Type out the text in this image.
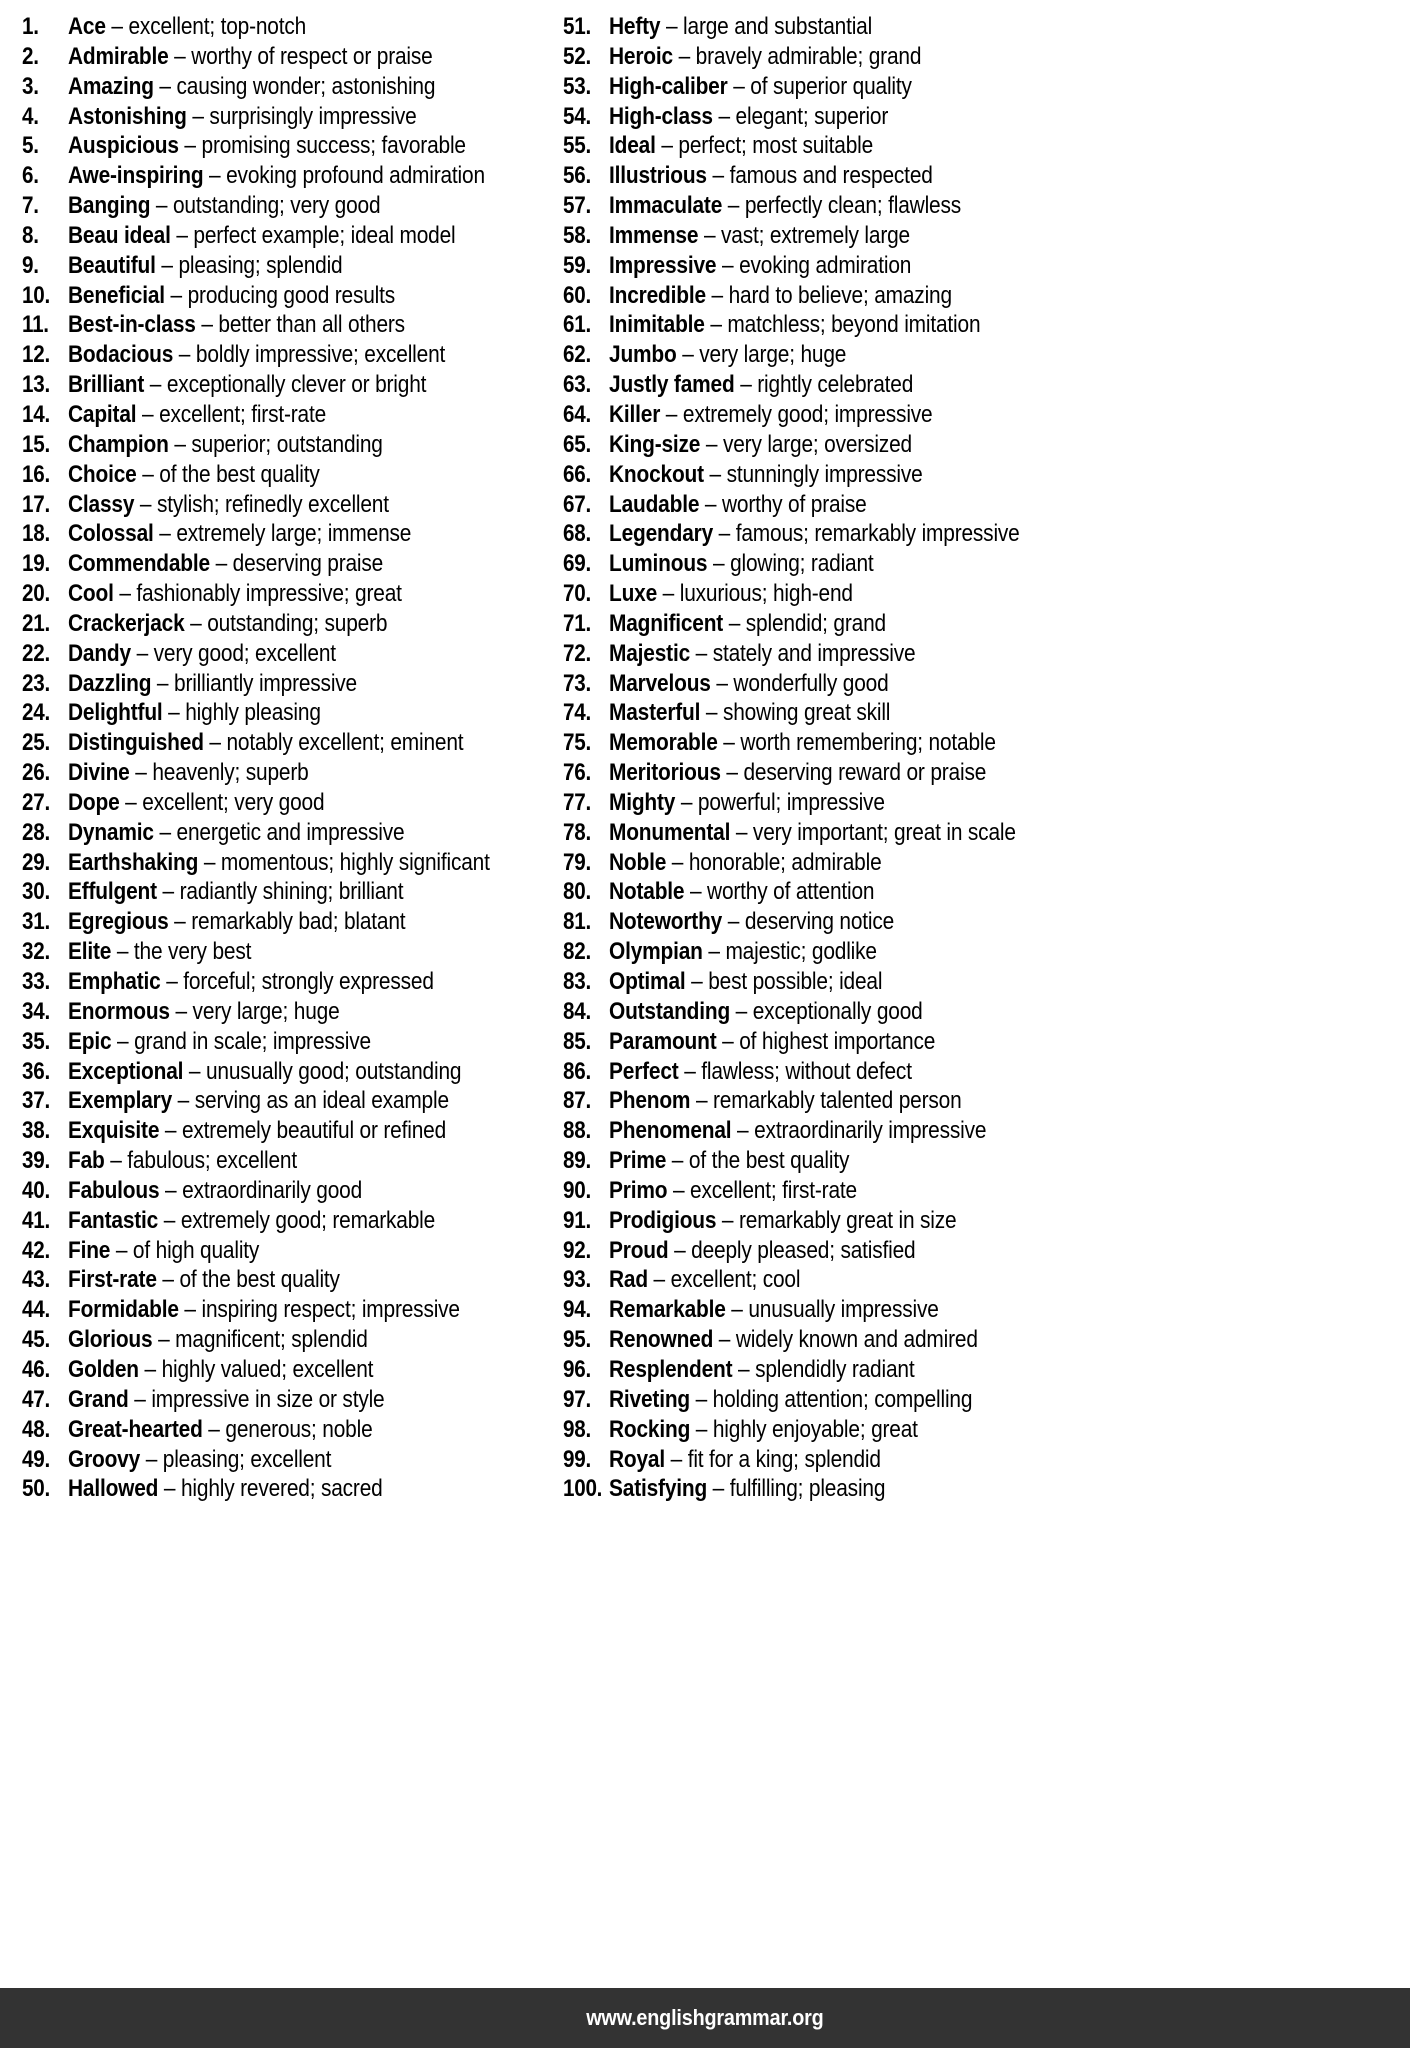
1.	Ace – excellent; top-notch
2.	Admirable – worthy of respect or praise
3.	Amazing – causing wonder; astonishing
4.	Astonishing – surprisingly impressive
5.	Auspicious – promising success; favorable
6.	Awe-inspiring – evoking profound admiration
7.	Banging – outstanding; very good
8.	Beau ideal – perfect example; ideal model
9.	Beautiful – pleasing; splendid
10. Beneficial – producing good results
11. Best-in-class – better than all others
12. Bodacious – boldly impressive; excellent
13. Brilliant – exceptionally clever or bright
14. Capital – excellent; first-rate
15. Champion – superior; outstanding
16. Choice – of the best quality
17. Classy – stylish; refinedly excellent
18. Colossal – extremely large; immense
19. Commendable – deserving praise
20. Cool – fashionably impressive; great
21. Crackerjack – outstanding; superb
22. Dandy – very good; excellent
23. Dazzling – brilliantly impressive
24. Delightful – highly pleasing
25. Distinguished – notably excellent; eminent
26. Divine – heavenly; superb
27. Dope – excellent; very good
28. Dynamic – energetic and impressive
29. Earthshaking – momentous; highly significant
30. Effulgent – radiantly shining; brilliant
31. Egregious – remarkably bad; blatant
32. Elite – the very best
33. Emphatic – forceful; strongly expressed
34. Enormous – very large; huge
35. Epic – grand in scale; impressive
36. Exceptional – unusually good; outstanding
37. Exemplary – serving as an ideal example
38. Exquisite – extremely beautiful or refined
39. Fab – fabulous; excellent
40. Fabulous – extraordinarily good
41. Fantastic – extremely good; remarkable
42. Fine – of high quality
43. First-rate – of the best quality
44. Formidable – inspiring respect; impressive
45. Glorious – magnificent; splendid
46. Golden – highly valued; excellent
47. Grand – impressive in size or style
48. Great-hearted – generous; noble
49. Groovy – pleasing; excellent
50. Hallowed – highly revered; sacred
51. Hefty – large and substantial
52. Heroic – bravely admirable; grand
53. High-caliber – of superior quality
54. High-class – elegant; superior
55. Ideal – perfect; most suitable
56. Illustrious – famous and respected
57. Immaculate – perfectly clean; flawless
58. Immense – vast; extremely large
59. Impressive – evoking admiration
60. Incredible – hard to believe; amazing
61. Inimitable – matchless; beyond imitation
62. Jumbo – very large; huge
63. Justly famed – rightly celebrated
64. Killer – extremely good; impressive
65. King-size – very large; oversized
66. Knockout – stunningly impressive
67. Laudable – worthy of praise
68. Legendary – famous; remarkably impressive
69. Luminous – glowing; radiant
70. Luxe – luxurious; high-end
71. Magnificent – splendid; grand
72. Majestic – stately and impressive
73. Marvelous – wonderfully good
74. Masterful – showing great skill
75. Memorable – worth remembering; notable
76. Meritorious – deserving reward or praise
77. Mighty – powerful; impressive
78. Monumental – very important; great in scale
79. Noble – honorable; admirable
80. Notable – worthy of attention
81. Noteworthy – deserving notice
82. Olympian – majestic; godlike
83. Optimal – best possible; ideal
84. Outstanding – exceptionally good
85. Paramount – of highest importance
86. Perfect – flawless; without defect
87. Phenom – remarkably talented person
88. Phenomenal – extraordinarily impressive
89. Prime – of the best quality
90. Primo – excellent; first-rate
91. Prodigious – remarkably great in size
92. Proud – deeply pleased; satisfied
93. Rad – excellent; cool
94. Remarkable – unusually impressive
95. Renowned – widely known and admired
96. Resplendent – splendidly radiant
97. Riveting – holding attention; compelling
98. Rocking – highly enjoyable; great
99. Royal – fit for a king; splendid
100. Satisfying – fulfilling; pleasing
www.englishgrammar.org
